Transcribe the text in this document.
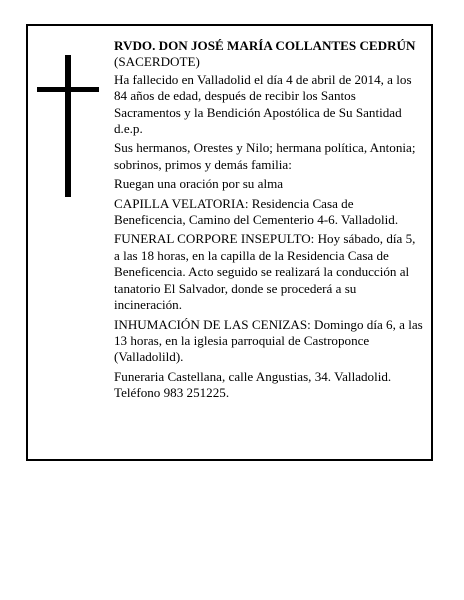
RVDO. DON JOSÉ MARÍA COLLANTES CEDRÚN

(SACERDOTE)

Ha fallecido en Valladolid el día 4 de abril de 2014, a los 84 años de edad, después de recibir los Santos Sacramentos y la Bendición Apostólica de Su Santidad d.e.p.

Sus hermanos, Orestes y Nilo; hermana política, Antonia; sobrinos, primos y demás familia:

Ruegan una oración por su alma

CAPILLA VELATORIA: Residencia Casa de Beneficencia, Camino del Cementerio 4-6. Valladolid.

FUNERAL CORPORE INSEPULTO: Hoy sábado, día 5, a las 18 horas, en la capilla de la Residencia Casa de Beneficencia. Acto seguido se realizará la conducción al tanatorio El Salvador, donde se procederá a su incineración.

INHUMACIÓN DE LAS CENIZAS: Domingo día 6, a las 13 horas, en la iglesia parroquial de Castroponce (Valladolild).

Funeraria Castellana, calle Angustias, 34. Valladolid. Teléfono 983 251225.
